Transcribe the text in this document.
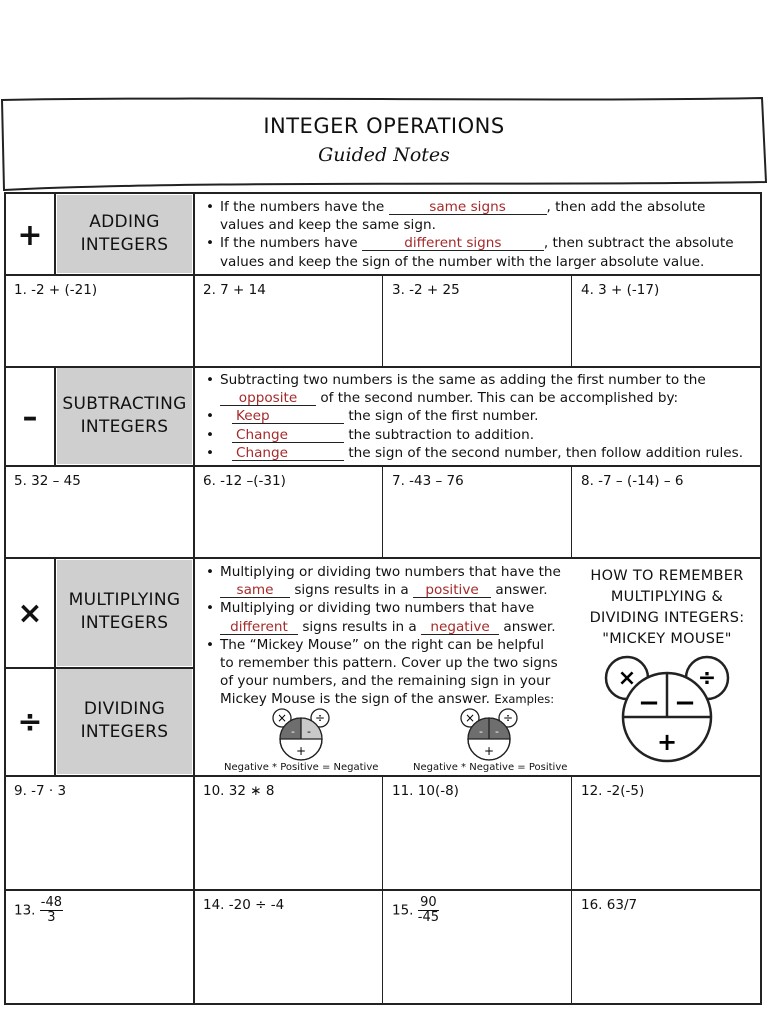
INTEGER OPERATIONS
Guided Notes
+	ADDING
INTEGERS
• If the numbers have the	same signs	, then add the absolute
values and keep the same sign.
• If the numbers have	different signs	, then subtract the absolute
values and keep the sign of the number with the larger absolute value.
1. -2 + (-21)	2. 7 + 14	3. -2 + 25	4. 3 + (-17)
–	SUBTRACTING
INTEGERS
• Subtracting two numbers is the same as adding the first number to the
opposite of the second number. This can be accomplished by:
• Keep	the sign of the first number.
• Change	the subtraction to addition.
• Change	the sign of the second number, then follow addition rules.
5. 32 – 45	6. -12 –(-31)	7. -43 – 76	8. -7 – (-14) – 6
×
÷
MULTIPLYING
INTEGERS
DIVIDING
INTEGERS
• Multiplying or dividing two numbers that have the
same signs results in a positive answer.
• Multiplying or dividing two numbers that have
different signs results in a negative answer.
• The “Mickey Mouse” on the right can be helpful
to remember this pattern. Cover up the two signs
of your numbers, and the remaining sign in your
Mickey Mouse is the sign of the answer. Examples:
× ÷
- -
+
Negative * Positive = Negative
× ÷
- -
+
Negative * Negative = Positive
HOW TO REMEMBER
MULTIPLYING &
DIVIDING INTEGERS:
"MICKEY MOUSE"
×	÷
− −
+
9. -7 · 3	10. 32 ∗ 8	11. 10(-8)	12. -2(-5)
13. $\frac{-48}{3}$	14. -20 ÷ -4	15. $\frac{90}{-45}$	16. 63/7
